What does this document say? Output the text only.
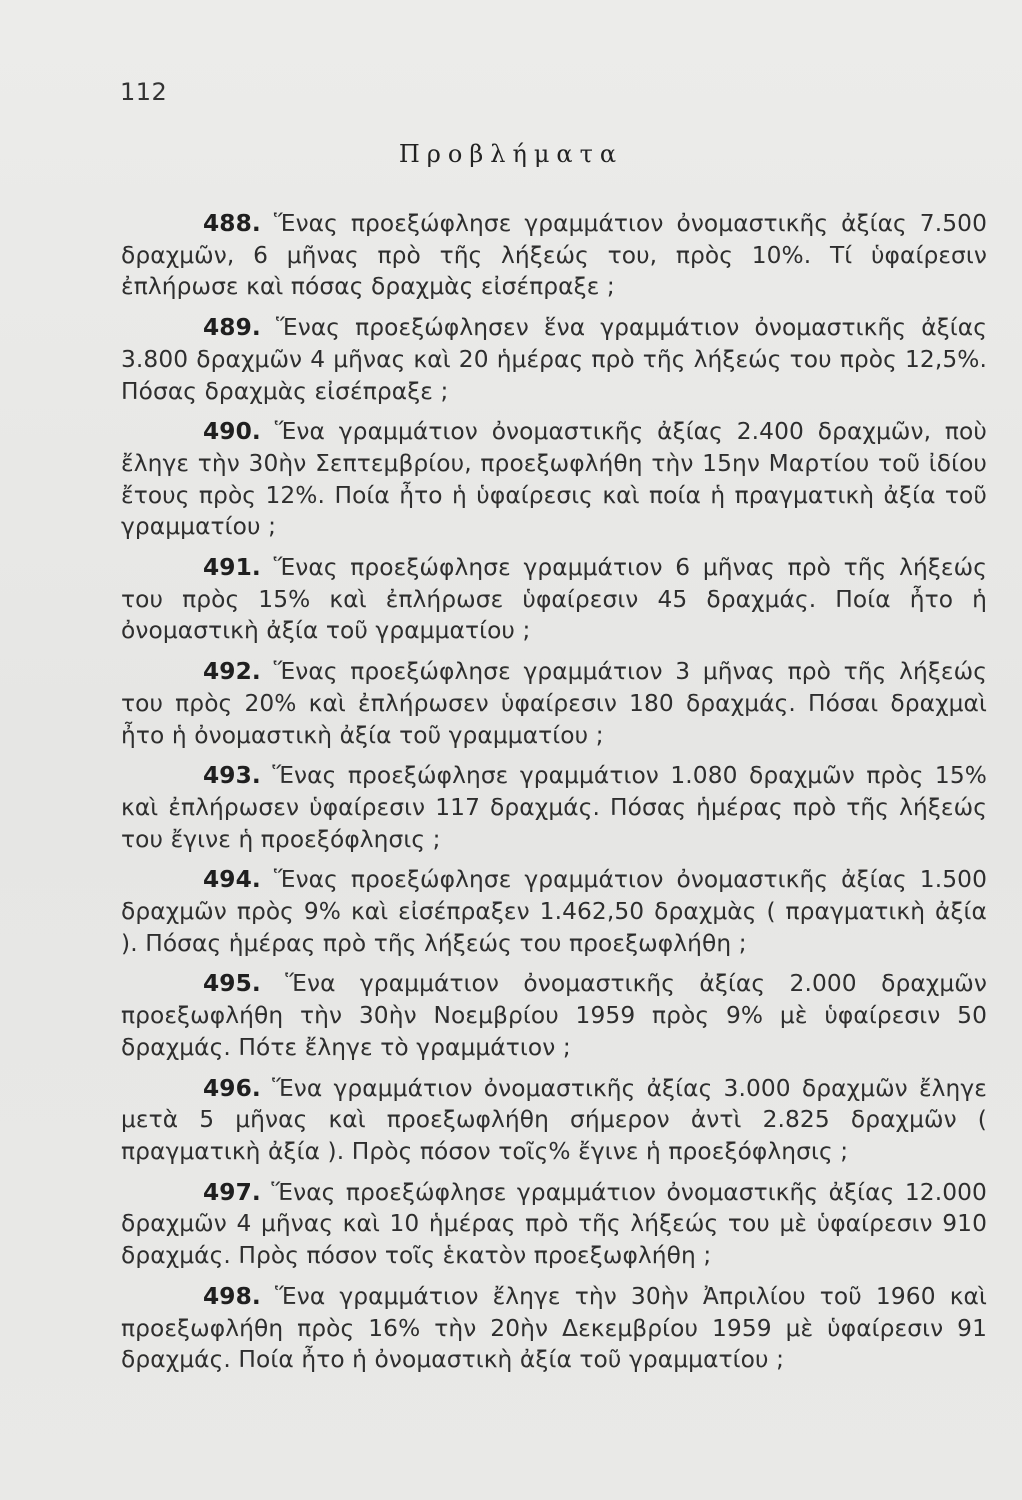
112
Προβλήματα

488. Ἕνας προεξώφλησε γραμμάτιον ὀνομαστικῆς ἀξίας 7.500 δραχμῶν, 6 μῆνας πρὸ τῆς λήξεώς του, πρὸς 10%. Τί ὑφαίρεσιν ἐπλήρωσε καὶ πόσας δραχμὰς εἰσέπραξε ;

489. Ἕνας προεξώφλησεν ἕνα γραμμάτιον ὀνομαστικῆς ἀξίας 3.800 δραχμῶν 4 μῆνας καὶ 20 ἡμέρας πρὸ τῆς λήξεώς του πρὸς 12,5%. Πόσας δραχμὰς εἰσέπραξε ;

490. Ἕνα γραμμάτιον ὀνομαστικῆς ἀξίας 2.400 δραχμῶν, ποὺ ἔληγε τὴν 30ὴν Σεπτεμβρίου, προεξωφλήθη τὴν 15ην Μαρτίου τοῦ ἰδίου ἔτους πρὸς 12%. Ποία ἦτο ἡ ὑφαίρεσις καὶ ποία ἡ πραγματικὴ ἀξία τοῦ γραμματίου ;

491. Ἕνας προεξώφλησε γραμμάτιον 6 μῆνας πρὸ τῆς λήξεώς του πρὸς 15% καὶ ἐπλήρωσε ὑφαίρεσιν 45 δραχμάς. Ποία ἦτο ἡ ὀνομαστικὴ ἀξία τοῦ γραμματίου ;

492. Ἕνας προεξώφλησε γραμμάτιον 3 μῆνας πρὸ τῆς λήξεώς του πρὸς 20% καὶ ἐπλήρωσεν ὑφαίρεσιν 180 δραχμάς. Πόσαι δραχμαὶ ἦτο ἡ ὀνομαστικὴ ἀξία τοῦ γραμματίου ;

493. Ἕνας προεξώφλησε γραμμάτιον 1.080 δραχμῶν πρὸς 15% καὶ ἐπλήρωσεν ὑφαίρεσιν 117 δραχμάς. Πόσας ἡμέρας πρὸ τῆς λήξεώς του ἔγινε ἡ προεξόφλησις ;

494. Ἕνας προεξώφλησε γραμμάτιον ὀνομαστικῆς ἀξίας 1.500 δραχμῶν πρὸς 9% καὶ εἰσέπραξεν 1.462,50 δραχμὰς ( πραγματικὴ ἀξία ). Πόσας ἡμέρας πρὸ τῆς λήξεώς του προεξωφλήθη ;

495. Ἕνα γραμμάτιον ὀνομαστικῆς ἀξίας 2.000 δραχμῶν προεξωφλήθη τὴν 30ὴν Νοεμβρίου 1959 πρὸς 9% μὲ ὑφαίρεσιν 50 δραχμάς. Πότε ἔληγε τὸ γραμμάτιον ;

496. Ἕνα γραμμάτιον ὀνομαστικῆς ἀξίας 3.000 δραχμῶν ἔληγε μετὰ 5 μῆνας καὶ προεξωφλήθη σήμερον ἀντὶ 2.825 δραχμῶν ( πραγματικὴ ἀξία ). Πρὸς πόσον τοῖς% ἔγινε ἡ προεξόφλησις ;

497. Ἕνας προεξώφλησε γραμμάτιον ὀνομαστικῆς ἀξίας 12.000 δραχμῶν 4 μῆνας καὶ 10 ἡμέρας πρὸ τῆς λήξεώς του μὲ ὑφαίρεσιν 910 δραχμάς. Πρὸς πόσον τοῖς ἑκατὸν προεξωφλήθη ;

498. Ἕνα γραμμάτιον ἔληγε τὴν 30ὴν Ἀπριλίου τοῦ 1960 καὶ προεξωφλήθη πρὸς 16% τὴν 20ὴν Δεκεμβρίου 1959 μὲ ὑφαίρεσιν 91 δραχμάς. Ποία ἦτο ἡ ὀνομαστικὴ ἀξία τοῦ γραμματίου ;
